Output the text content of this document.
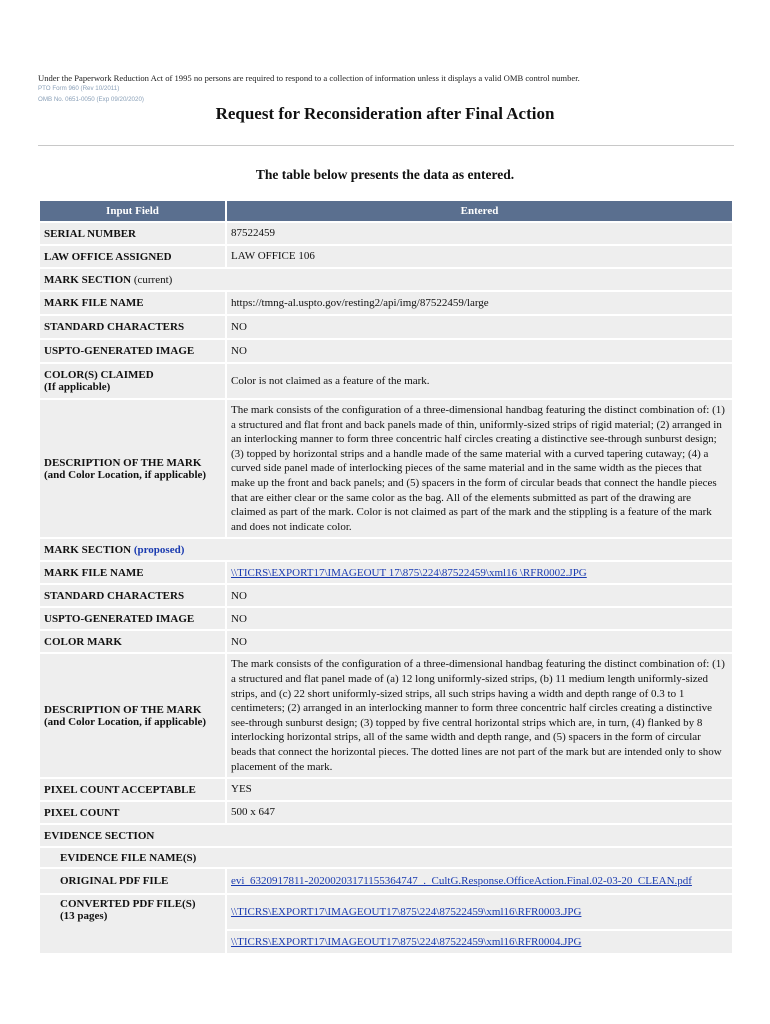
Under the Paperwork Reduction Act of 1995 no persons are required to respond to a collection of information unless it displays a valid OMB control number.
PTO Form 960 (Rev 10/2011)
OMB No. 0651-0050 (Exp 09/20/2020)
Request for Reconsideration after Final Action
The table below presents the data as entered.
Input Field	Entered
SERIAL NUMBER	87522459
LAW OFFICE ASSIGNED	LAW OFFICE 106
MARK SECTION (current)	
MARK FILE NAME	https://tmng-al.uspto.gov/resting2/api/img/87522459/large
STANDARD CHARACTERS	NO
USPTO-GENERATED IMAGE	NO
COLOR(S) CLAIMED
(If applicable)	Color is not claimed as a feature of the mark.
DESCRIPTION OF THE MARK
(and Color Location, if applicable)	The mark consists of the configuration of a three-dimensional handbag featuring the distinct combination of: (1) a structured and flat front and back panels made of thin, uniformly-sized strips of rigid material; (2) arranged in an interlocking manner to form three concentric half circles creating a distinctive see-through sunburst design; (3) topped by horizontal strips and a handle made of the same material with a curved tapering cutaway; (4) a curved side panel made of interlocking pieces of the same material and in the same width as the pieces that make up the front and back panels; and (5) spacers in the form of circular beads that connect the handle pieces that are either clear or the same color as the bag. All of the elements submitted as part of the drawing are claimed as part of the mark. Color is not claimed as part of the mark and the stippling is a feature of the mark and does not indicate color.
MARK SECTION (proposed)	
MARK FILE NAME	\\TICRS\EXPORT17\IMAGEOUT 17\875\224\87522459\xml16 \RFR0002.JPG
STANDARD CHARACTERS	NO
USPTO-GENERATED IMAGE	NO
COLOR MARK	NO
DESCRIPTION OF THE MARK
(and Color Location, if applicable)	The mark consists of the configuration of a three-dimensional handbag featuring the distinct combination of: (1) a structured and flat panel made of (a) 12 long uniformly-sized strips, (b) 11 medium length uniformly-sized strips, and (c) 22 short uniformly-sized strips, all such strips having a width and depth range of 0.3 to 1 centimeters; (2) arranged in an interlocking manner to form three concentric half circles creating a distinctive see-through sunburst design; (3) topped by five central horizontal strips which are, in turn, (4) flanked by 8 interlocking horizontal strips, all of the same width and depth range, and (5) spacers in the form of circular beads that connect the horizontal pieces. The dotted lines are not part of the mark but are intended only to show placement of the mark.
PIXEL COUNT ACCEPTABLE	YES
PIXEL COUNT	500 x 647
EVIDENCE SECTION	
EVIDENCE FILE NAME(S)	
ORIGINAL PDF FILE	evi_6320917811-20200203171155364747_._CultG.Response.OfficeAction.Final.02-03-20_CLEAN.pdf
CONVERTED PDF FILE(S)
(13 pages)	\\TICRS\EXPORT17\IMAGEOUT17\875\224\87522459\xml16\RFR0003.JPG
	\\TICRS\EXPORT17\IMAGEOUT17\875\224\87522459\xml16\RFR0004.JPG
